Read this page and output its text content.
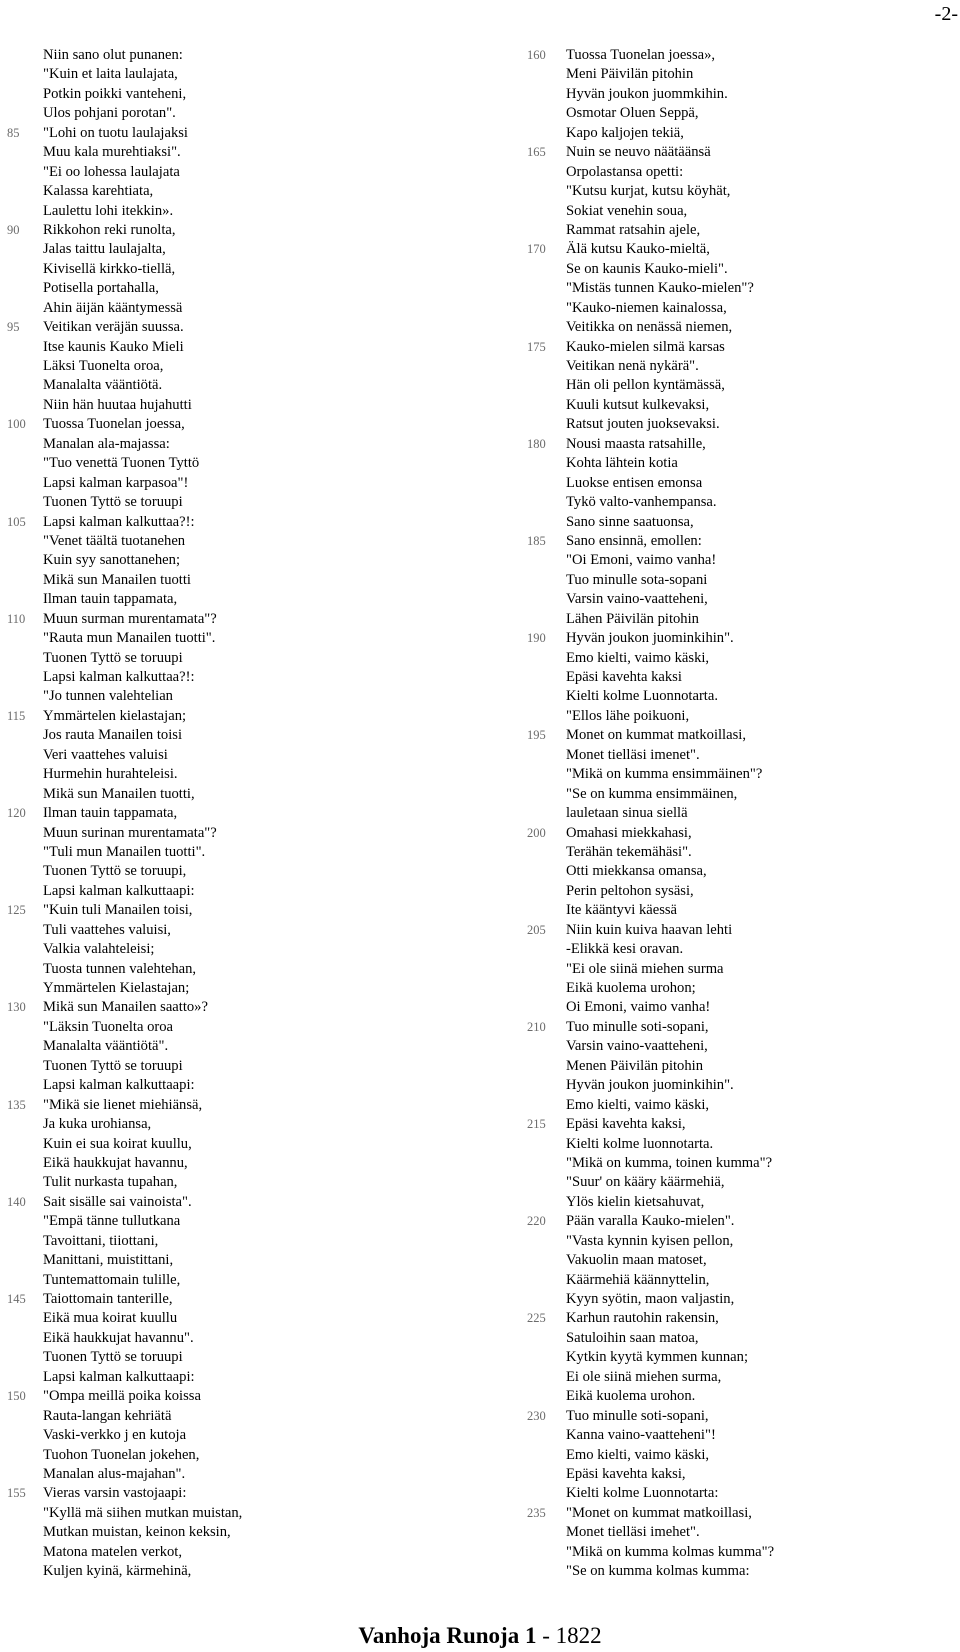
-2-
Niin sano olut punanen:
"Kuin et laita laulajata,
Potkin poikki vanteheni,
Ulos pohjani porotan".
85	"Lohi on tuotu laulajaksi
Muu kala murehtiaksi".
"Ei oo lohessa laulajata
Kalassa karehtiata,
Laulettu lohi itekkin».
90	Rikkohon reki runolta,
Jalas taittu laulajalta,
Kivisellä kirkko-tiellä,
Potisella portahalla,
Ahin äijän kääntymessä
95	Veitikan veräjän suussa.
Itse kaunis Kauko Mieli
Läksi Tuonelta oroa,
Manalalta vääntiötä.
Niin hän huutaa hujahutti
100	Tuossa Tuonelan joessa,
Manalan ala-majassa:
"Tuo venettä Tuonen Tyttö
Lapsi kalman karpasoa"!
Tuonen Tyttö se toruupi
105	Lapsi kalman kalkuttaa?!:
"Venet täältä tuotanehen
Kuin syy sanottanehen;
Mikä sun Manailen tuotti
Ilman tauin tappamata,
110	Muun surman murentamata"?
"Rauta mun Manailen tuotti".
Tuonen Tyttö se toruupi
Lapsi kalman kalkuttaa?!:
"Jo tunnen valehtelian
115	Ymmärtelen kielastajan;
Jos rauta Manailen toisi
Veri vaattehes valuisi
Hurmehin hurahteleisi.
Mikä sun Manailen tuotti,
120	Ilman tauin tappamata,
Muun surinan murentamata"?
"Tuli mun Manailen tuotti".
Tuonen Tyttö se toruupi,
Lapsi kalman kalkuttaapi:
125	"Kuin tuli Manailen toisi,
Tuli vaattehes valuisi,
Valkia valahteleisi;
Tuosta tunnen valehtehan,
Ymmärtelen Kielastajan;
130	Mikä sun Manailen saatto»?
"Läksin Tuonelta oroa
Manalalta vääntiötä".
Tuonen Tyttö se toruupi
Lapsi kalman kalkuttaapi:
135	"Mikä sie lienet miehiänsä,
Ja kuka urohiansa,
Kuin ei sua koirat kuullu,
Eikä haukkujat havannu,
Tulit nurkasta tupahan,
140	Sait sisälle sai vainoista".
"Empä tänne tullutkana
Tavoittani, tiiottani,
Manittani, muistittani,
Tuntemattomain tulille,
145	Taiottomain tanterille,
Eikä mua koirat kuullu
Eikä haukkujat havannu".
Tuonen Tyttö se toruupi
Lapsi kalman kalkuttaapi:
150	"Ompa meillä poika koissa
Rauta-langan kehriätä
Vaski-verkko j en kutoja
Tuohon Tuonelan jokehen,
Manalan alus-majahan".
155	Vieras varsin vastojaapi:
"Kyllä mä siihen mutkan muistan,
Mutkan muistan, keinon keksin,
Matona matelen verkot,
Kuljen kyinä, kärmehinä,
160	Tuossa Tuonelan joessa»,
Meni Päivilän pitohin
Hyvän joukon juommkihin.
Osmotar Oluen Seppä,
Kapo kaljojen tekiä,
165	Nuin se neuvo näätäänsä
Orpolastansa opetti:
"Kutsu kurjat, kutsu köyhät,
Sokiat venehin soua,
Rammat ratsahin ajele,
170	Älä kutsu Kauko-mieltä,
Se on kaunis Kauko-mieli".
"Mistäs tunnen Kauko-mielen"?
"Kauko-niemen kainalossa,
Veitikka on nenässä niemen,
175	Kauko-mielen silmä karsas
Veitikan nenä nykärä".
Hän oli pellon kyntämässä,
Kuuli kutsut kulkevaksi,
Ratsut jouten juoksevaksi.
180	Nousi maasta ratsahille,
Kohta lähtein kotia
Luokse entisen emonsa
Tykö valto-vanhempansa.
Sano sinne saatuonsa,
185	Sano ensinnä, emollen:
"Oi Emoni, vaimo vanha!
Tuo minulle sota-sopani
Varsin vaino-vaatteheni,
Lähen Päivilän pitohin
190	Hyvän joukon juominkihin".
Emo kielti, vaimo käski,
Epäsi kavehta kaksi
Kielti kolme Luonnotarta.
"Ellos lähe poikuoni,
195	Monet on kummat matkoillasi,
Monet tielläsi imenet".
"Mikä on kumma ensimmäinen"?
"Se on kumma ensimmäinen,
lauletaan sinua siellä
200	Omahasi miekkahasi,
Terähän tekemähäsi".
Otti miekkansa omansa,
Perin peltohon sysäsi,
Ite kääntyvi käessä
205	Niin kuin kuiva haavan lehti
-Elikkä kesi oravan.
"Ei ole siinä miehen surma
Eikä kuolema urohon;
Oi Emoni, vaimo vanha!
210	Tuo minulle soti-sopani,
Varsin vaino-vaatteheni,
Menen Päivilän pitohin
Hyvän joukon juominkihin".
Emo kielti, vaimo käski,
215	Epäsi kavehta kaksi,
Kielti kolme luonnotarta.
"Mikä on kumma, toinen kumma"?
"Suur' on kääry käärmehiä,
Ylös kielin kietsahuvat,
220	Pään varalla Kauko-mielen".
"Vasta kynnin kyisen pellon,
Vakuolin maan matoset,
Käärmehiä käännyttelin,
Kyyn syötin, maon valjastin,
225	Karhun rautohin rakensin,
Satuloihin saan matoa,
Kytkin kyytä kymmen kunnan;
Ei ole siinä miehen surma,
Eikä kuolema urohon.
230	Tuo minulle soti-sopani,
Kanna vaino-vaatteheni"!
Emo kielti, vaimo käski,
Epäsi kavehta kaksi,
Kielti kolme Luonnotarta:
235	"Monet on kummat matkoillasi,
Monet tielläsi imehet".
"Mikä on kumma kolmas kumma"?
"Se on kumma kolmas kumma:
Vanhoja Runoja 1 - 1822
